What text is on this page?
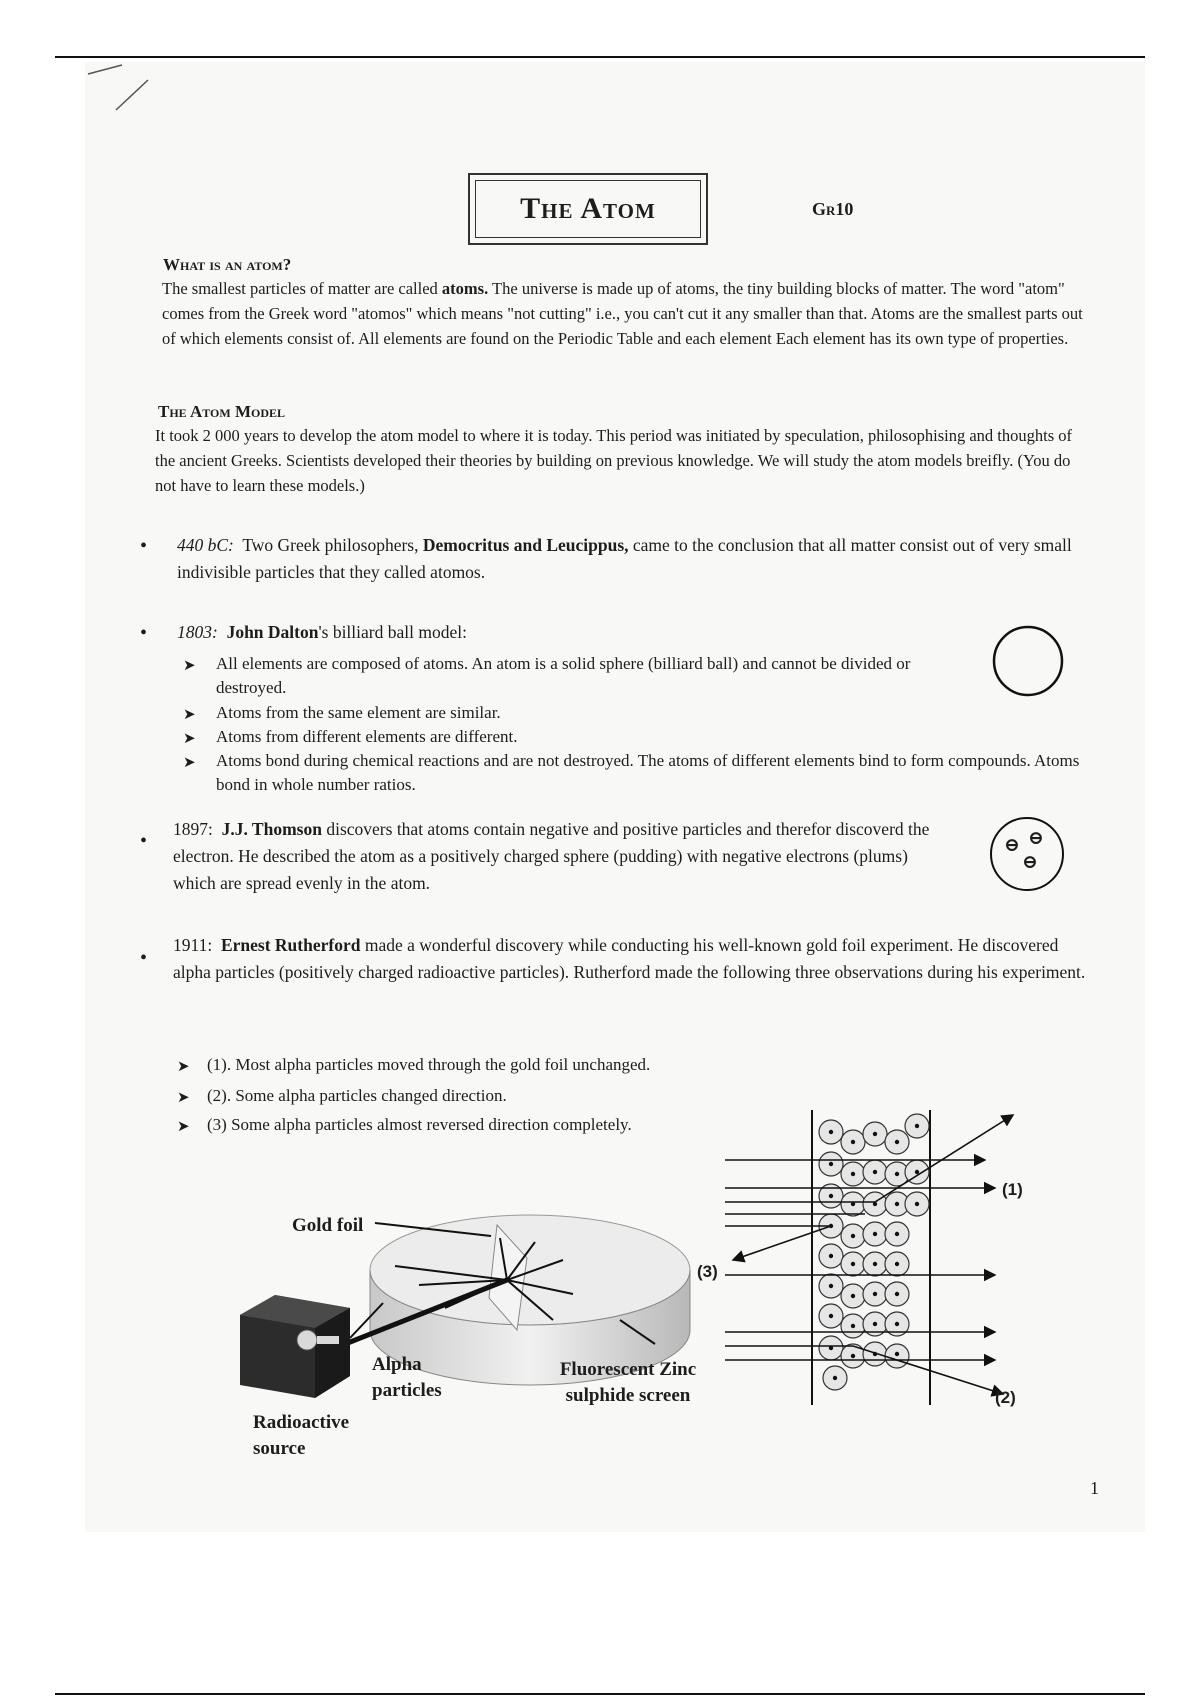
The Atom	Gr10
What is an atom?
The smallest particles of matter are called atoms. The universe is made up of atoms, the tiny building blocks of matter. The word "atom" comes from the Greek word "atomos" which means "not cutting" i.e., you can't cut it any smaller than that. Atoms are the smallest parts out of which elements consist of. All elements are found on the Periodic Table and each element Each element has its own type of properties.
The Atom Model
It took 2 000 years to develop the atom model to where it is today. This period was initiated by speculation, philosophising and thoughts of the ancient Greeks. Scientists developed their theories by building on previous knowledge. We will study the atom models breifly. (You do not have to learn these models.)
• 440 bC: Two Greek philosophers, Democritus and Leucippus, came to the conclusion that all matter consist out of very small indivisible particles that they called atomos.
• 1803: John Dalton's billiard ball model:
➤ All elements are composed of atoms. An atom is a solid sphere (billiard ball) and cannot be divided or destroyed.
➤ Atoms from the same element are similar.
➤ Atoms from different elements are different.
➤ Atoms bond during chemical reactions and are not destroyed. The atoms of different elements bind to form compounds. Atoms bond in whole number ratios.
•
1897: J.J. Thomson discovers that atoms contain negative and positive particles and therefor discoverd the electron. He described the atom as a positively charged sphere (pudding) with negative electrons (plums) which are spread evenly in the atom.
⊖ ⊖
⊖
•
1911: Ernest Rutherford made a wonderful discovery while conducting his well-known gold foil experiment. He discovered alpha particles (positively charged radioactive particles). Rutherford made the following three observations during his experiment.
➤ (1). Most alpha particles moved through the gold foil unchanged.
➤ (2). Some alpha particles changed direction.
➤ (3) Some alpha particles almost reversed direction completely.
Gold foil
Alpha particles
Fluorescent Zinc sulphide screen
Radioactive source
(1)
(2)
(3)
1
